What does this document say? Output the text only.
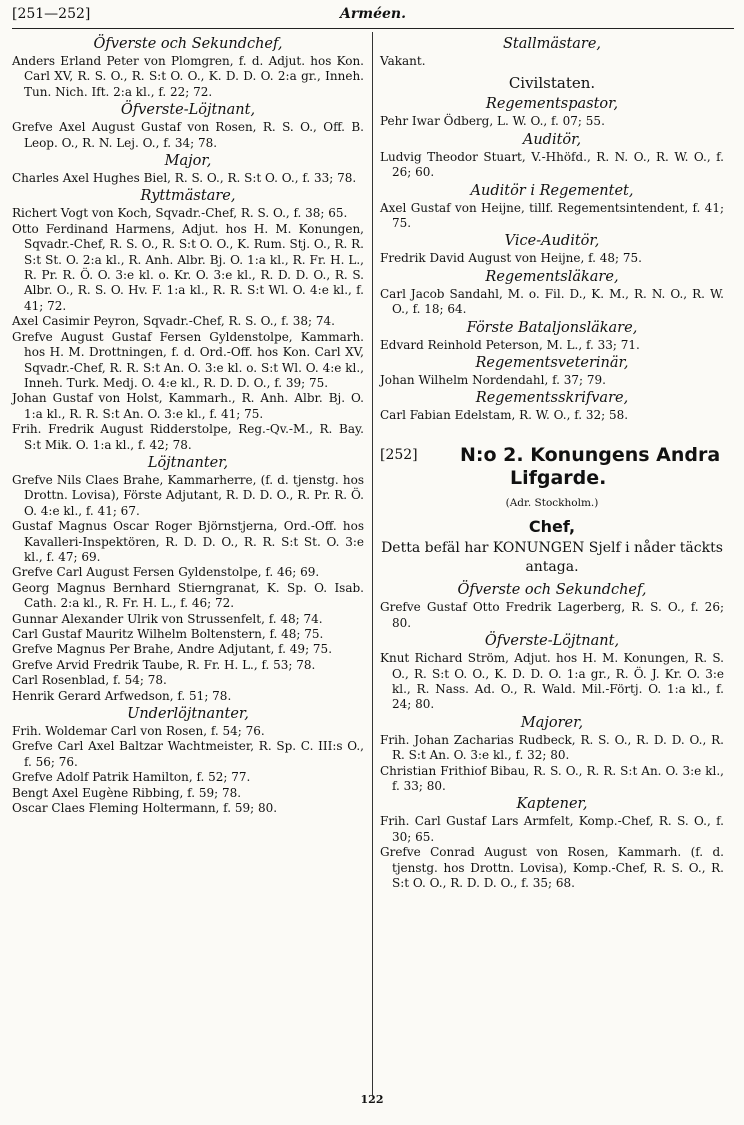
[251—252]	Arméen.

Öfverste och Sekundchef,

Anders Erland Peter von Plomgren, f. d. Adjut. hos Kon. Carl XV, R. S. O., R. S:t O. O., K. D. D. O. 2:a gr., Inneh. Tun. Nich. Ift. 2:a kl., f. 22; 72.

Öfverste-Löjtnant,

Grefve Axel August Gustaf von Rosen, R. S. O., Off. B. Leop. O., R. N. Lej. O., f. 34; 78.

Major,

Charles Axel Hughes Biel, R. S. O., R. S:t O. O., f. 33; 78.

Ryttmästare,

Richert Vogt von Koch, Sqvadr.-Chef, R. S. O., f. 38; 65.

Otto Ferdinand Harmens, Adjut. hos H. M. Konungen, Sqvadr.-Chef, R. S. O., R. S:t O. O., K. Rum. Stj. O., R. R. S:t St. O. 2:a kl., R. Anh. Albr. Bj. O. 1:a kl., R. Fr. H. L., R. Pr. R. Ö. O. 3:e kl. o. Kr. O. 3:e kl., R. D. D. O., R. S. Albr. O., R. S. O. Hv. F. 1:a kl., R. R. S:t Wl. O. 4:e kl., f. 41; 72.

Axel Casimir Peyron, Sqvadr.-Chef, R. S. O., f. 38; 74.

Grefve August Gustaf Fersen Gyldenstolpe, Kammarh. hos H. M. Drottningen, f. d. Ord.-Off. hos Kon. Carl XV, Sqvadr.-Chef, R. R. S:t An. O. 3:e kl. o. S:t Wl. O. 4:e kl., Inneh. Turk. Medj. O. 4:e kl., R. D. D. O., f. 39; 75.

Johan Gustaf von Holst, Kammarh., R. Anh. Albr. Bj. O. 1:a kl., R. R. S:t An. O. 3:e kl., f. 41; 75.

Frih. Fredrik August Ridderstolpe, Reg.-Qv.-M., R. Bay. S:t Mik. O. 1:a kl., f. 42; 78.

Löjtnanter,

Grefve Nils Claes Brahe, Kammarherre, (f. d. tjenstg. hos Drottn. Lovisa), Förste Adjutant, R. D. D. O., R. Pr. R. Ö. O. 4:e kl., f. 41; 67.

Gustaf Magnus Oscar Roger Björnstjerna, Ord.-Off. hos Kavalleri-Inspektören, R. D. D. O., R. R. S:t St. O. 3:e kl., f. 47; 69.

Grefve Carl August Fersen Gyldenstolpe, f. 46; 69.

Georg Magnus Bernhard Stierngranat, K. Sp. O. Isab. Cath. 2:a kl., R. Fr. H. L., f. 46; 72.

Gunnar Alexander Ulrik von Strussenfelt, f. 48; 74.

Carl Gustaf Mauritz Wilhelm Boltenstern, f. 48; 75.

Grefve Magnus Per Brahe, Andre Adjutant, f. 49; 75.

Grefve Arvid Fredrik Taube, R. Fr. H. L., f. 53; 78.

Carl Rosenblad, f. 54; 78.

Henrik Gerard Arfwedson, f. 51; 78.

Underlöjtnanter,

Frih. Woldemar Carl von Rosen, f. 54; 76.

Grefve Carl Axel Baltzar Wachtmeister, R. Sp. C. III:s O., f. 56; 76.

Grefve Adolf Patrik Hamilton, f. 52; 77.

Bengt Axel Eugène Ribbing, f. 59; 78.

Oscar Claes Fleming Holtermann, f. 59; 80.

Stallmästare,

Vakant.

Civilstaten.

Regementspastor,

Pehr Iwar Ödberg, L. W. O., f. 07; 55.

Auditör,

Ludvig Theodor Stuart, V.-Hhöfd., R. N. O., R. W. O., f. 26; 60.

Auditör i Regementet,

Axel Gustaf von Heijne, tillf. Regementsintendent, f. 41; 75.

Vice-Auditör,

Fredrik David August von Heijne, f. 48; 75.

Regementsläkare,

Carl Jacob Sandahl, M. o. Fil. D., K. M., R. N. O., R. W. O., f. 18; 64.

Förste Bataljonsläkare,

Edvard Reinhold Peterson, M. L., f. 33; 71.

Regementsveterinär,

Johan Wilhelm Nordendahl, f. 37; 79.

Regementsskrifvare,

Carl Fabian Edelstam, R. W. O., f. 32; 58.

[252] N:o 2. Konungens Andra
Lifgarde.
(Adr. Stockholm.)
Chef,
Detta befäl har KONUNGEN Sjelf i nåder täckts antaga.

Öfverste och Sekundchef,

Grefve Gustaf Otto Fredrik Lagerberg, R. S. O., f. 26; 80.

Öfverste-Löjtnant,

Knut Richard Ström, Adjut. hos H. M. Konungen, R. S. O., R. S:t O. O., K. D. D. O. 1:a gr., R. Ö. J. Kr. O. 3:e kl., R. Nass. Ad. O., R. Wald. Mil.-Förtj. O. 1:a kl., f. 24; 80.

Majorer,

Frih. Johan Zacharias Rudbeck, R. S. O., R. D. D. O., R. R. S:t An. O. 3:e kl., f. 32; 80.

Christian Frithiof Bibau, R. S. O., R. R. S:t An. O. 3:e kl., f. 33; 80.

Kaptener,

Frih. Carl Gustaf Lars Armfelt, Komp.-Chef, R. S. O., f. 30; 65.

Grefve Conrad August von Rosen, Kammarh. (f. d. tjenstg. hos Drottn. Lovisa), Komp.-Chef, R. S. O., R. S:t O. O., R. D. D. O., f. 35; 68.

122
